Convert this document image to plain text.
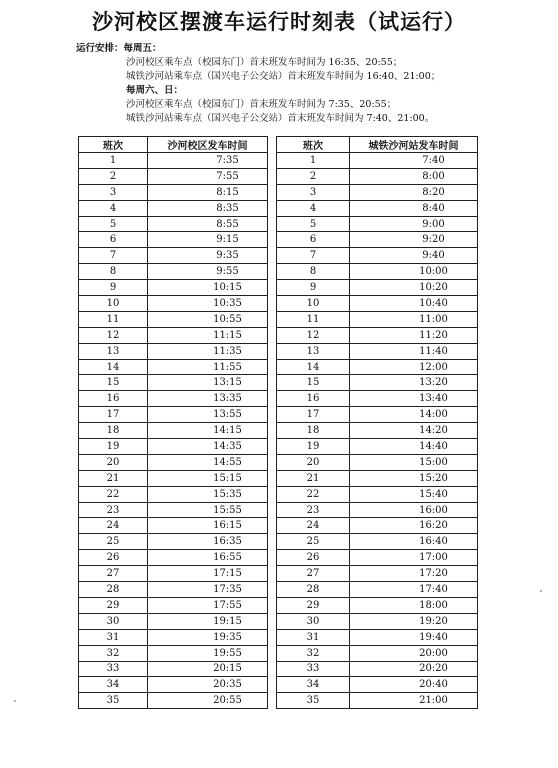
沙河校区摆渡车运行时刻表（试运行）
运行安排：每周五：
沙河校区乘车点（校园东门）首末班发车时间为 16:35、20:55；
城铁沙河站乘车点（国兴电子公交站）首末班发车时间为 16:40、21:00；
每周六、日：
沙河校区乘车点（校园东门）首末班发车时间为 7:35、20:55；
城铁沙河站乘车点（国兴电子公交站）首末班发车时间为 7:40、21:00。
班次	沙河校区发车时间
1	7:35
2	7:55
3	8:15
4	8:35
5	8:55
6	9:15
7	9:35
8	9:55
9	10:15
10	10:35
11	10:55
12	11:15
13	11:35
14	11:55
15	13:15
16	13:35
17	13:55
18	14:15
19	14:35
20	14:55
21	15:15
22	15:35
23	15:55
24	16:15
25	16:35
26	16:55
27	17:15
28	17:35
29	17:55
30	19:15
31	19:35
32	19:55
33	20:15
34	20:35
35	20:55
班次	城铁沙河站发车时间
1	7:40
2	8:00
3	8:20
4	8:40
5	9:00
6	9:20
7	9:40
8	10:00
9	10:20
10	10:40
11	11:00
12	11:20
13	11:40
14	12:00
15	13:20
16	13:40
17	14:00
18	14:20
19	14:40
20	15:00
21	15:20
22	15:40
23	16:00
24	16:20
25	16:40
26	17:00
27	17:20
28	17:40
29	18:00
30	19:20
31	19:40
32	20:00
33	20:20
34	20:40
35	21:00
